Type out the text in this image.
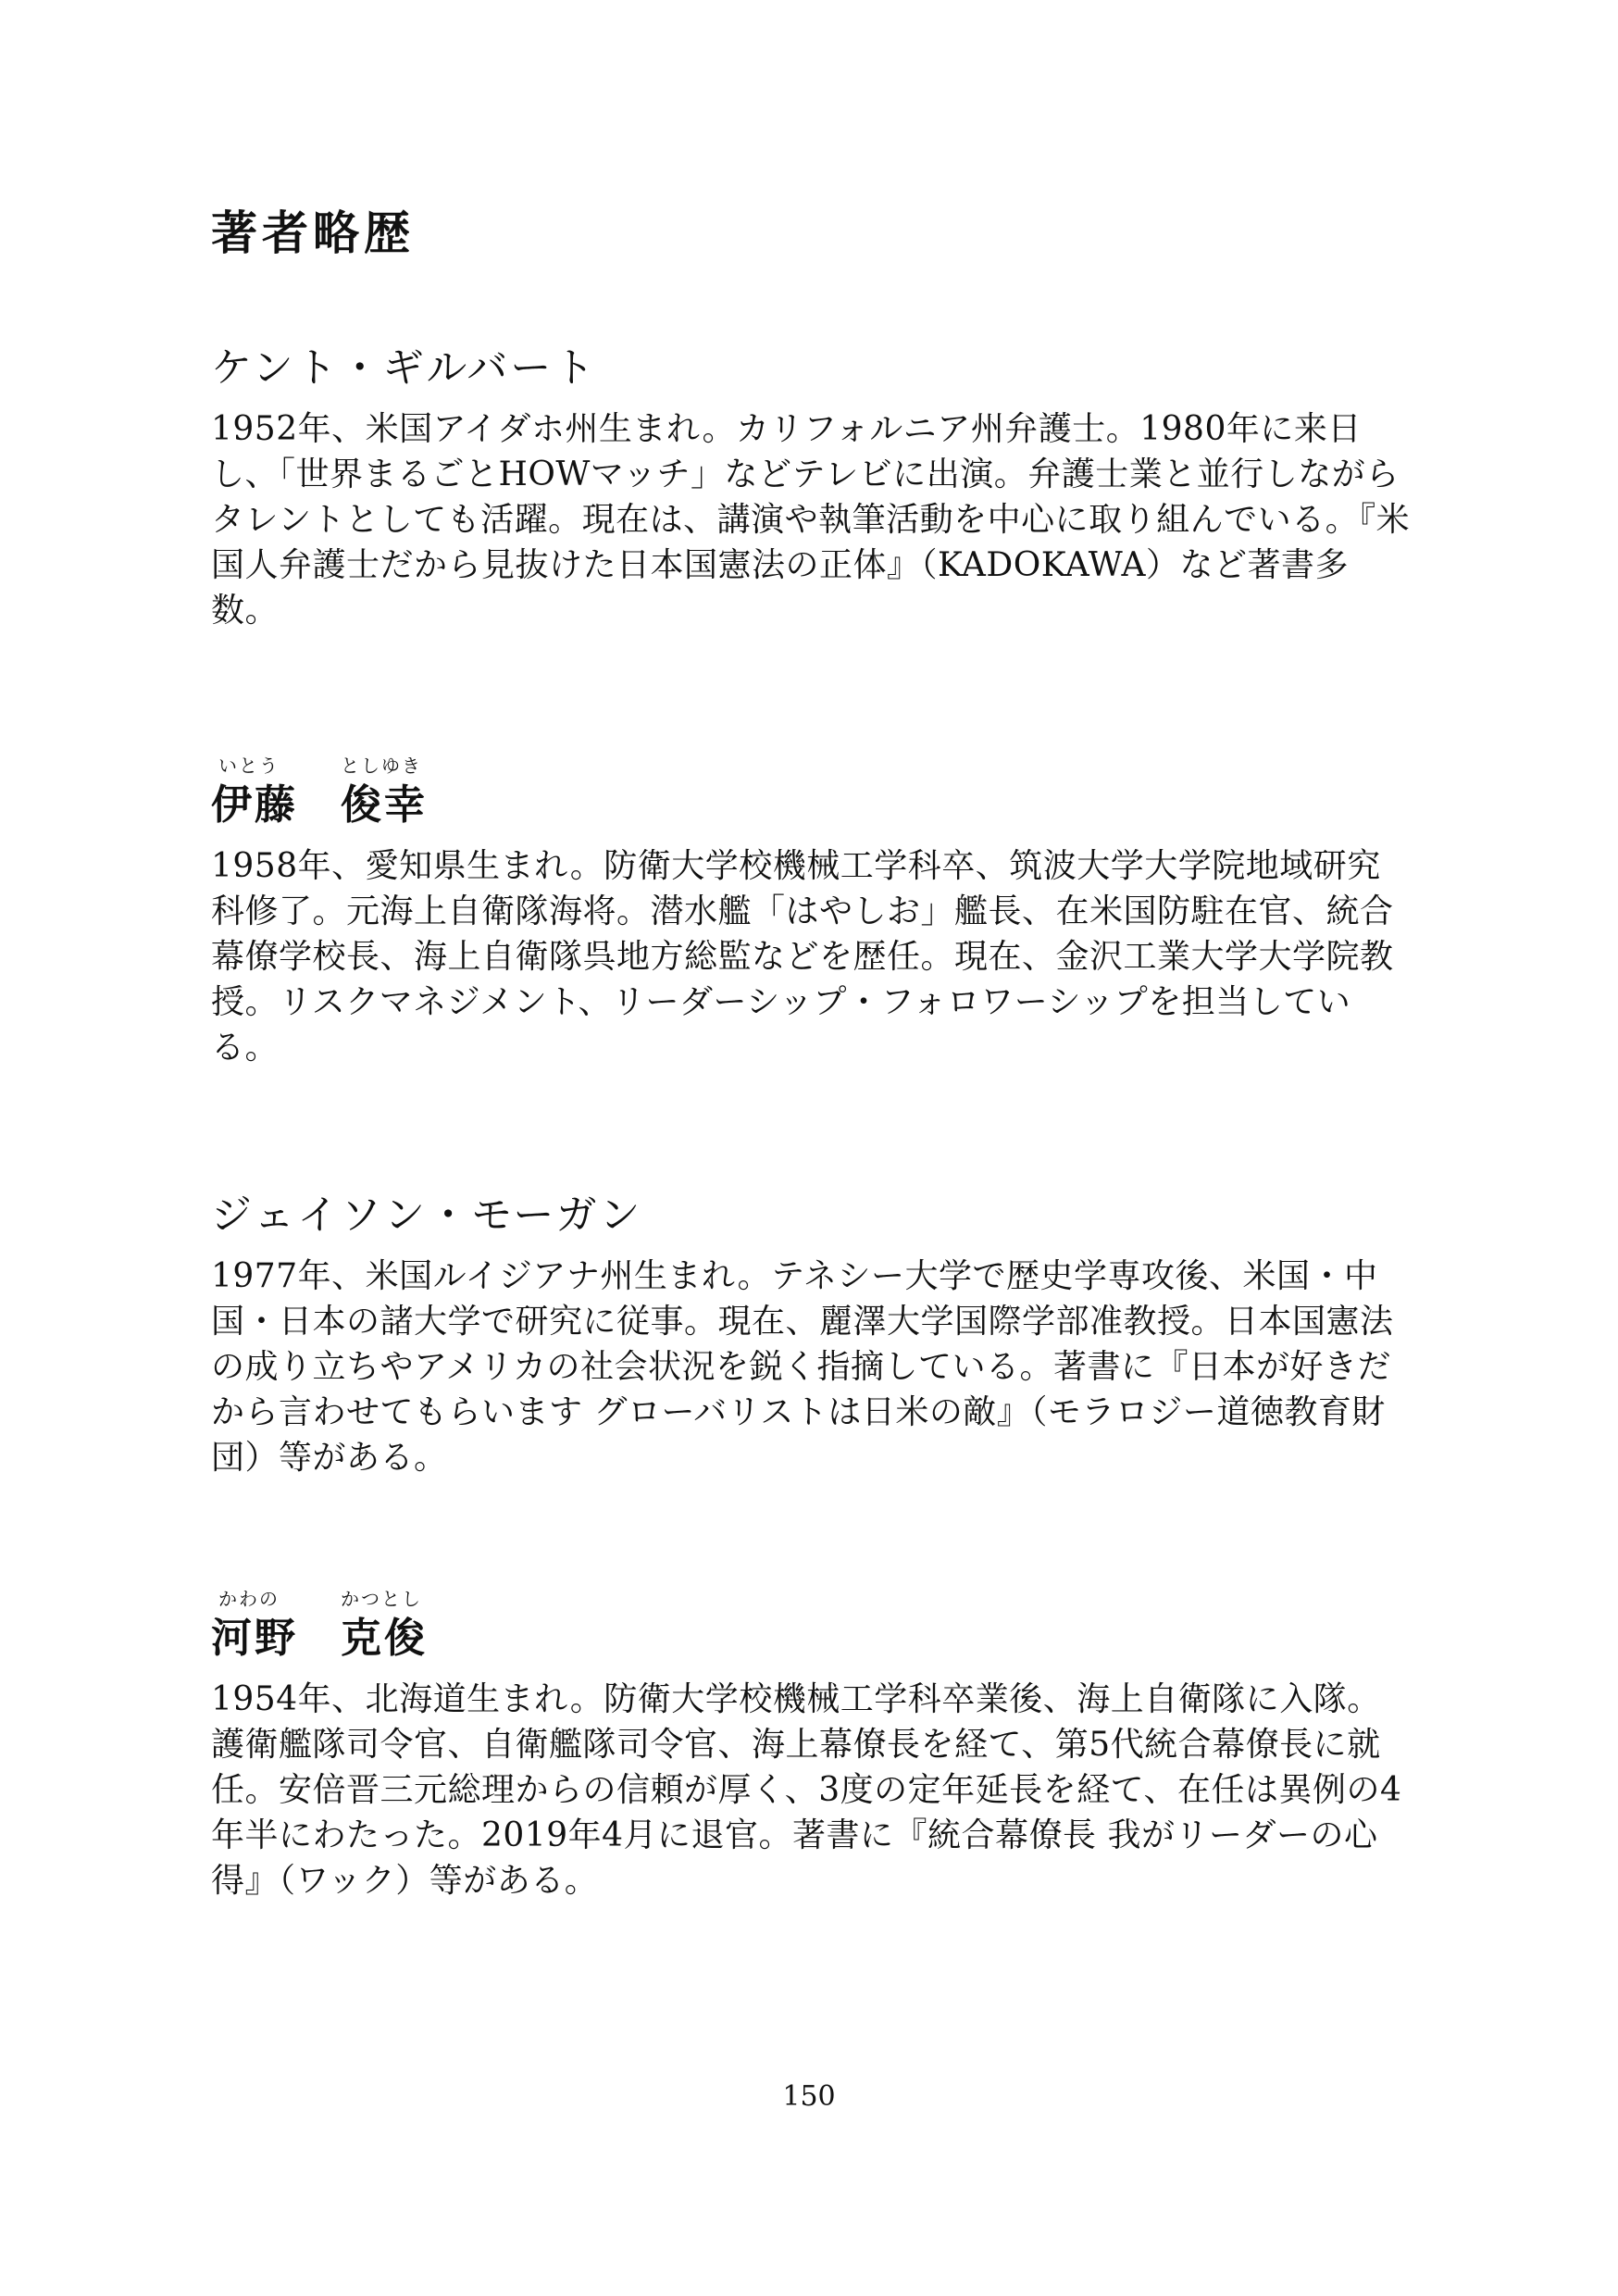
著者略歴
ケント・ギルバート

1952年、米国アイダホ州生まれ。カリフォルニア州弁護士。1980年に来日し、「世界まるごとHOWマッチ」などテレビに出演。弁護士業と並行しながらタレントとしても活躍。現在は、講演や執筆活動を中心に取り組んでいる。『米国人弁護士だから見抜けた日本国憲法の正体』（KADOKAWA）など著書多数。

いとう	としゆき
伊藤 俊幸

1958年、愛知県生まれ。防衛大学校機械工学科卒、筑波大学大学院地域研究科修了。元海上自衛隊海将。潜水艦「はやしお」艦長、在米国防駐在官、統合幕僚学校長、海上自衛隊呉地方総監などを歴任。現在、金沢工業大学大学院教授。リスクマネジメント、リーダーシップ・フォロワーシップを担当している。

ジェイソン・モーガン

1977年、米国ルイジアナ州生まれ。テネシー大学で歴史学専攻後、米国・中国・日本の諸大学で研究に従事。現在、麗澤大学国際学部准教授。日本国憲法の成り立ちやアメリカの社会状況を鋭く指摘している。著書に『日本が好きだから言わせてもらいます グローバリストは日米の敵』（モラロジー道徳教育財団）等がある。

かわの	かつとし
河野 克俊

1954年、北海道生まれ。防衛大学校機械工学科卒業後、海上自衛隊に入隊。護衛艦隊司令官、自衛艦隊司令官、海上幕僚長を経て、第5代統合幕僚長に就任。安倍晋三元総理からの信頼が厚く、3度の定年延長を経て、在任は異例の4年半にわたった。2019年4月に退官。著書に『統合幕僚長 我がリーダーの心得』（ワック）等がある。

150
